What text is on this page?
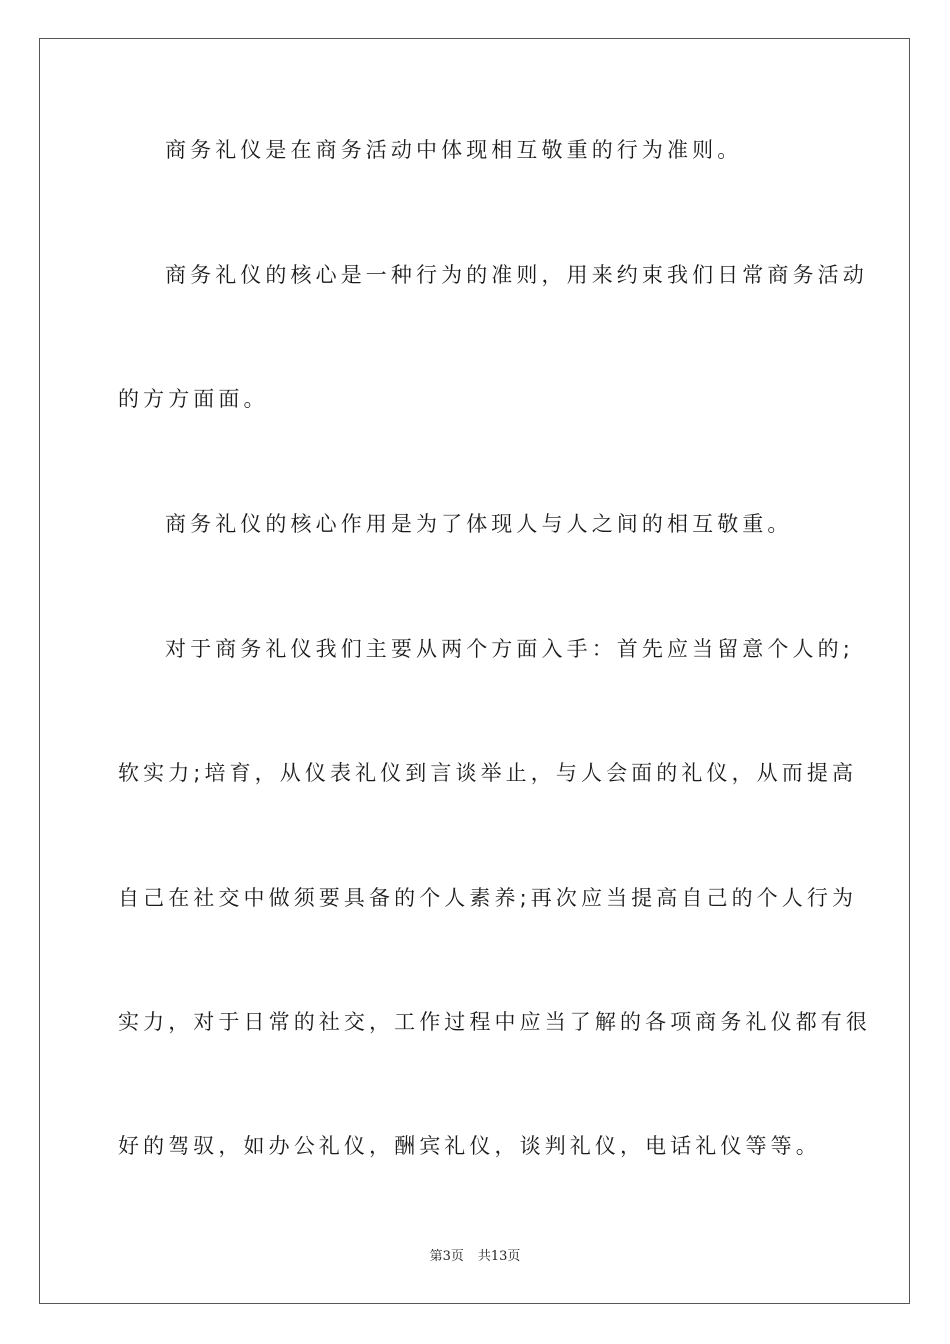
商务礼仪是在商务活动中体现相互敬重的行为准则。
商务礼仪的核心是一种行为的准则，用来约束我们日常商务活动
的方方面面。
商务礼仪的核心作用是为了体现人与人之间的相互敬重。
对于商务礼仪我们主要从两个方面入手：首先应当留意个人的;
软实力;培育，从仪表礼仪到言谈举止，与人会面的礼仪，从而提高
自己在社交中做须要具备的个人素养;再次应当提高自己的个人行为
实力，对于日常的社交，工作过程中应当了解的各项商务礼仪都有很
好的驾驭，如办公礼仪，酬宾礼仪，谈判礼仪，电话礼仪等等。
第3页 共13页
